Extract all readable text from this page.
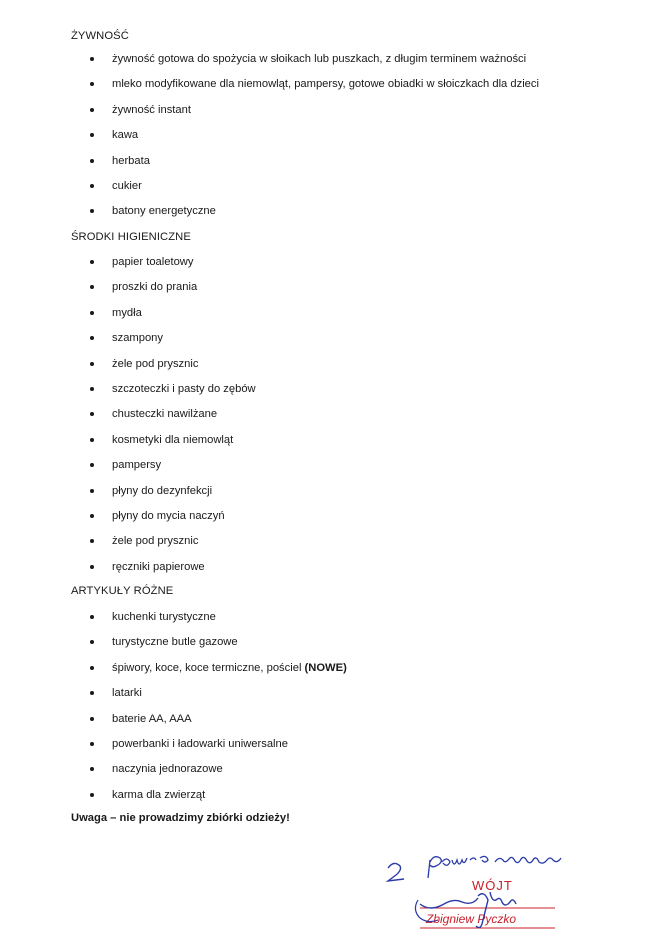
ŻYWNOŚĆ
żywność gotowa do spożycia w słoikach lub puszkach, z długim terminem ważności
mleko modyfikowane dla niemowląt, pampersy, gotowe obiadki w słoiczkach dla dzieci
żywność instant
kawa
herbata
cukier
batony energetyczne
ŚRODKI HIGIENICZNE
papier toaletowy
proszki do prania
mydła
szampony
żele pod prysznic
szczoteczki i pasty do zębów
chusteczki nawilżane
kosmetyki dla niemowląt
pampersy
płyny do dezynfekcji
płyny do mycia naczyń
żele pod prysznic
ręczniki papierowe
ARTYKUŁY RÓŻNE
kuchenki turystyczne
turystyczne butle gazowe
śpiwory, koce, koce termiczne, pościel (NOWE)
latarki
baterie AA, AAA
powerbanki i ładowarki uniwersalne
naczynia jednorazowe
karma dla zwierząt
Uwaga – nie prowadzimy zbiórki odzieży!
WÓJT
Zbigniew Pyczko
